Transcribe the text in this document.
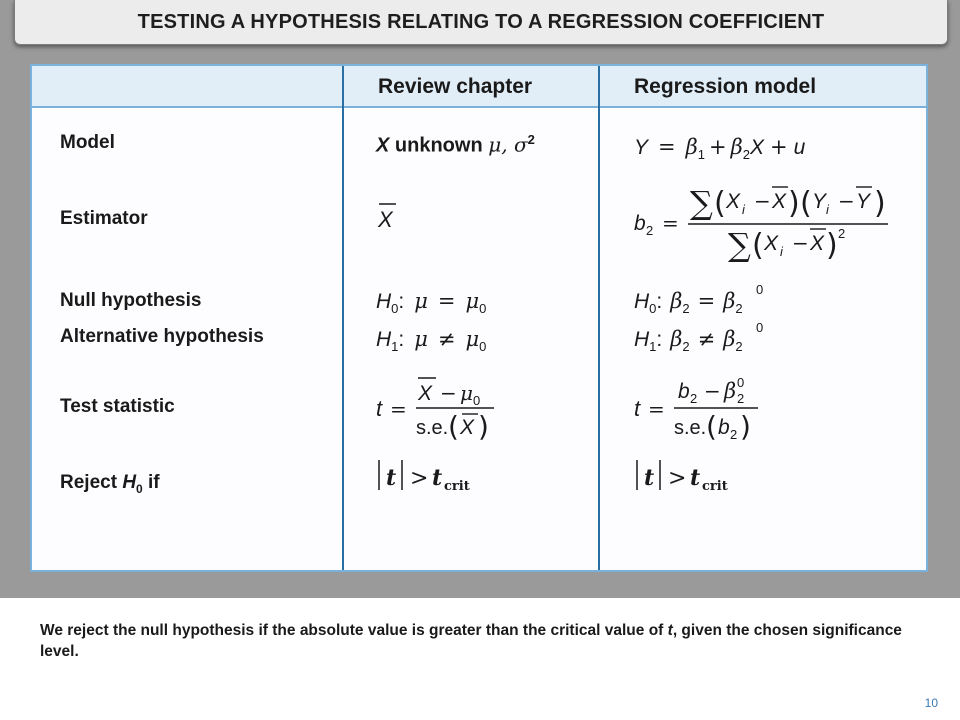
TESTING A HYPOTHESIS RELATING TO A REGRESSION COEFFICIENT
Review chapter	Regression model
Model
Estimator
Null hypothesis
Alternative hypothesis
Test statistic
Reject $H_0$ if
X unknown μ, $\sigma^2$
X
$H_0$: $\mu = \mu_0$
$H_1$: $\mu \ne \mu_0$
t =
X − μ 0
s.e. ( X )
t > t crit
$Y = \beta_1 + \beta_2X + u$
b 2 =
∑ ( X i − X ) ( Y i − Y )
∑ ( X i − X ) 2
$H_0$: $\beta_2 = \beta_2$
0
$H_1$: $\beta_2 \ne \beta_2$
0
t =
b 2 − β 2
0
s.e. ( b 2 )
t > t crit
We reject the null hypothesis if the absolute value is greater than the critical value of t, given the chosen significance level.
10
